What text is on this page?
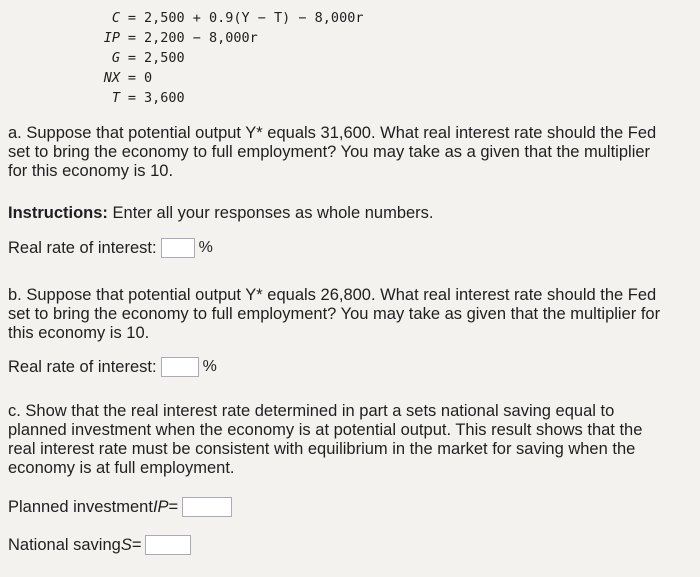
C = 2,500 + 0.9(Y − T) − 8,000r
IP = 2,200 − 8,000r
G = 2,500
NX = 0
T = 3,600
a. Suppose that potential output Y* equals 31,600. What real interest rate should the Fed set to bring the economy to full employment? You may take as a given that the multiplier for this economy is 10.
Instructions: Enter all your responses as whole numbers.
Real rate of interest:	%
b. Suppose that potential output Y* equals 26,800. What real interest rate should the Fed set to bring the economy to full employment? You may take as given that the multiplier for this economy is 10.
Real rate of interest:	%
c. Show that the real interest rate determined in part a sets national saving equal to planned investment when the economy is at potential output. This result shows that the real interest rate must be consistent with equilibrium in the market for saving when the economy is at full employment.
Planned investment IP =
National saving S =
